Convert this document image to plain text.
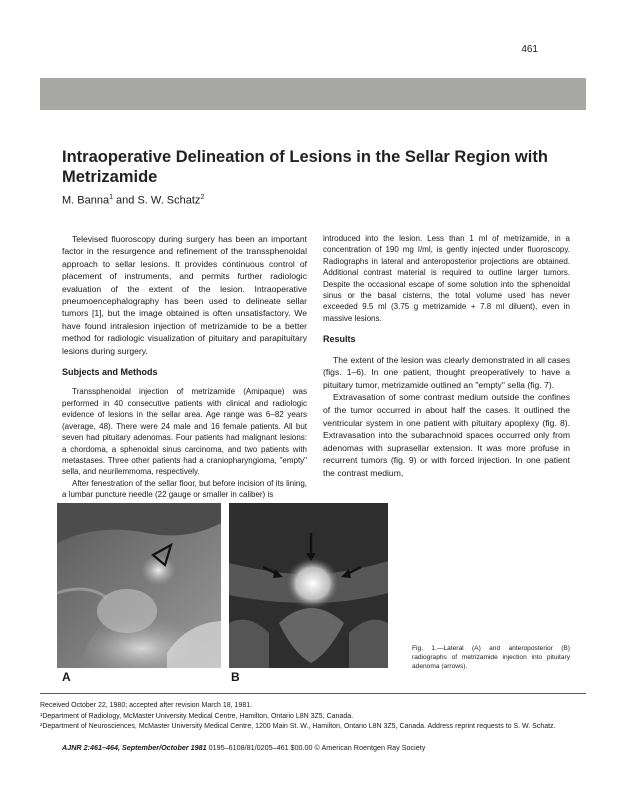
461
Intraoperative Delineation of Lesions in the Sellar Region with Metrizamide
M. Banna$^1$ and S. W. Schatz$^2$

Televised fluoroscopy during surgery has been an important factor in the resurgence and refinement of the transsphenoidal approach to sellar lesions. It provides continuous control of placement of instruments, and permits further radiologic evaluation of the extent of the lesion. Intraoperative pneumoencephalography has been used to delineate sellar tumors [1], but the image obtained is often unsatisfactory. We have found intralesion injection of metrizamide to be a better method for radiologic visualization of pituitary and parapituitary lesions during surgery.

Subjects and Methods

Transsphenoidal injection of metrizamide (Amipaque) was performed in 40 consecutive patients with clinical and radiologic evidence of lesions in the sellar area. Age range was 6–82 years (average, 48). There were 24 male and 16 female patients. All but seven had pituitary adenomas. Four patients had malignant lesions: a chordoma, a sphenoidal sinus carcinoma, and two patients with metastases. Three other patients had a craniopharyngioma, "empty" sella, and neurilemmoma, respectively.

After fenestration of the sellar floor, but before incision of its lining, a lumbar puncture needle (22 gauge or smaller in caliber) is

introduced into the lesion. Less than 1 ml of metrizamide, in a concentration of 190 mg I/ml, is gently injected under fluoroscopy. Radiographs in lateral and anteroposterior projections are obtained. Additional contrast material is required to outline larger tumors. Despite the occasional escape of some solution into the sphenoidal sinus or the basal cisterns, the total volume used has never exceeded 9.5 ml (3.75 g metrizamide + 7.8 ml diluent), even in massive lesions.

Results

The extent of the lesion was clearly demonstrated in all cases (figs. 1–6). In one patient, thought preoperatively to have a pituitary tumor, metrizamide outlined an "empty" sella (fig. 7).

Extravasation of some contrast medium outside the confines of the tumor occurred in about half the cases. It outlined the ventricular system in one patient with pituitary apoplexy (fig. 8). Extravasation into the subarachnoid spaces occurred only from adenomas with suprasellar extension. It was more profuse in recurrent tumors (fig. 9) or with forced injection. In one patient the contrast medium,

A	B
Fig. 1.—Lateral (A) and anteroposterior (B) radiographs of metrizamide injection into pituitary adenoma (arrows).
Received October 22, 1980; accepted after revision March 18, 1981.
¹Department of Radiology, McMaster University Medical Centre, Hamilton, Ontario L8N 3Z5, Canada.
²Department of Neurosciences, McMaster University Medical Centre, 1200 Main St. W., Hamilton, Ontario L8N 3Z5, Canada. Address reprint requests to S. W. Schatz.
AJNR 2:461–464, September/October 1981 0195–6108/81/0205–461 $00.00 © American Roentgen Ray Society
